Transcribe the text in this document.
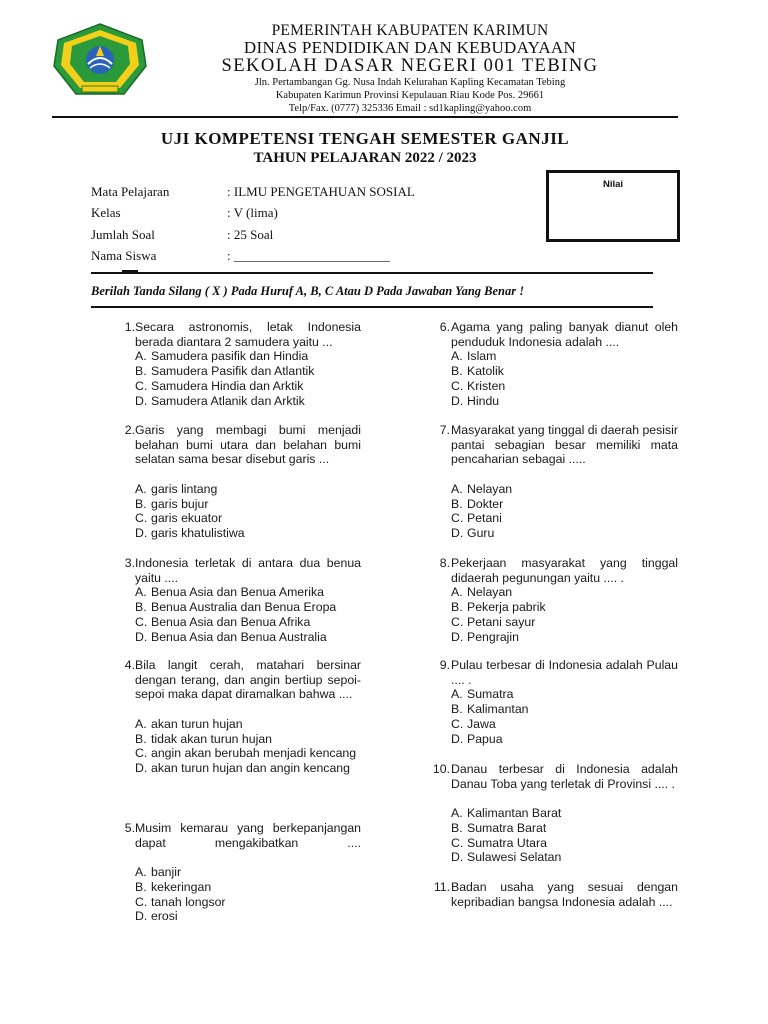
PEMERINTAH KABUPATEN KARIMUN
DINAS PENDIDIKAN DAN KEBUDAYAAN
SEKOLAH DASAR NEGERI 001 TEBING
Jln. Pertambangan Gg. Nusa Indah Kelurahan Kapling Kecamatan Tebing
Kabupaten Karimun Provinsi Kepulauan Riau Kode Pos. 29661
Telp/Fax. (0777) 325336 Email : sd1kapling@yahoo.com
UJI KOMPETENSI TENGAH SEMESTER GANJIL
TAHUN PELAJARAN 2022 / 2023
Mata Pelajaran	: ILMU PENGETAHUAN SOSIAL
Kelas	: V (lima)
Jumlah Soal	: 25 Soal
Nama Siswa	: ________________________
Nilai
Berilah Tanda Silang ( X ) Pada Huruf A, B, C Atau D Pada Jawaban Yang Benar !
1. Secara astronomis, letak Indonesia berada diantara 2 samudera yaitu ...
A. Samudera pasifik dan Hindia
B. Samudera Pasifik dan Atlantik
C. Samudera Hindia dan Arktik
D. Samudera Atlanik dan Arktik
2. Garis yang membagi bumi menjadi belahan bumi utara dan belahan bumi selatan sama besar disebut garis ...
A. garis lintang
B. garis bujur
C. garis ekuator
D. garis khatulistiwa
3. Indonesia terletak di antara dua benua yaitu ....
A. Benua Asia dan Benua Amerika
B. Benua Australia dan Benua Eropa
C. Benua Asia dan Benua Afrika
D. Benua Asia dan Benua Australia
4. Bila langit cerah, matahari bersinar dengan terang, dan angin bertiup sepoi-sepoi maka dapat diramalkan bahwa ....
A. akan turun hujan
B. tidak akan turun hujan
C. angin akan berubah menjadi kencang
D. akan turun hujan dan angin kencang
5. Musim kemarau yang berkepanjangan dapat mengakibatkan ....
A. banjir
B. kekeringan
C. tanah longsor
D. erosi
6. Agama yang paling banyak dianut oleh penduduk Indonesia adalah ....
A. Islam
B. Katolik
C. Kristen
D. Hindu
7. Masyarakat yang tinggal di daerah pesisir pantai sebagian besar memiliki mata pencaharian sebagai .....
A. Nelayan
B. Dokter
C. Petani
D. Guru
8. Pekerjaan masyarakat yang tinggal didaerah pegunungan yaitu .... .
A. Nelayan
B. Pekerja pabrik
C. Petani sayur
D. Pengrajin
9. Pulau terbesar di Indonesia adalah Pulau .... .
A. Sumatra
B. Kalimantan
C. Jawa
D. Papua
10. Danau terbesar di Indonesia adalah Danau Toba yang terletak di Provinsi .... .
A. Kalimantan Barat
B. Sumatra Barat
C. Sumatra Utara
D. Sulawesi Selatan
11. Badan usaha yang sesuai dengan kepribadian bangsa Indonesia adalah ....
